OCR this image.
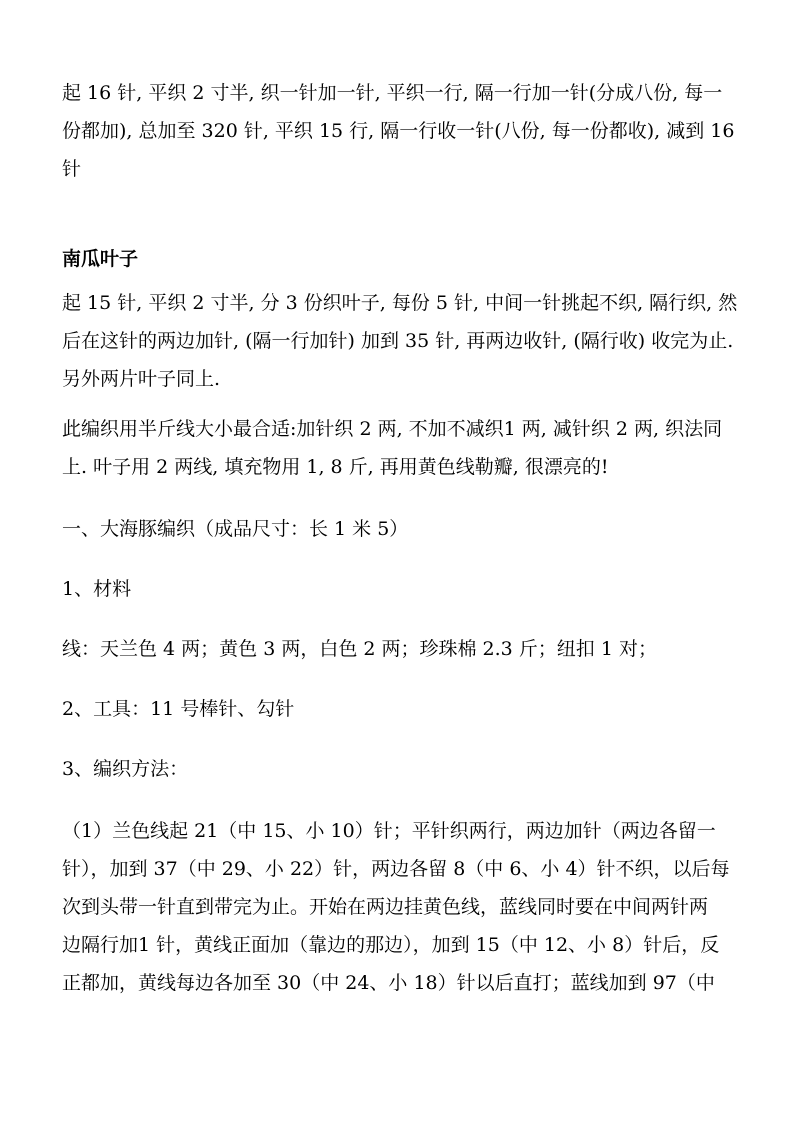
起 16 针, 平织 2 寸半, 织一针加一针, 平织一行, 隔一行加一针(分成八份, 每一
份都加), 总加至 320 针, 平织 15 行, 隔一行收一针(八份, 每一份都收), 减到 16
针

南瓜叶子

起 15 针, 平织 2 寸半, 分 3 份织叶子, 每份 5 针, 中间一针挑起不织, 隔行织, 然
后在这针的两边加针, (隔一行加针) 加到 35 针, 再两边收针, (隔行收) 收完为止.
另外两片叶子同上.

此编织用半斤线大小最合适:加针织 2 两, 不加不减织1 两, 减针织 2 两, 织法同
上. 叶子用 2 两线, 填充物用 1, 8 斤, 再用黄色线勒瓣, 很漂亮的!

一、大海豚编织（成品尺寸：长 1 米 5）

1、材料

线：天兰色 4 两；黄色 3 两，白色 2 两；珍珠棉 2.3 斤；纽扣 1 对；

2、工具：11 号棒针、勾针

3、编织方法：

（1）兰色线起 21（中 15、小 10）针；平针织两行，两边加针（两边各留一
针），加到 37（中 29、小 22）针，两边各留 8（中 6、小 4）针不织，以后每
次到头带一针直到带完为止。开始在两边挂黄色线，蓝线同时要在中间两针两
边隔行加1 针，黄线正面加（靠边的那边），加到 15（中 12、小 8）针后，反
正都加，黄线每边各加至 30（中 24、小 18）针以后直打；蓝线加到 97（中
